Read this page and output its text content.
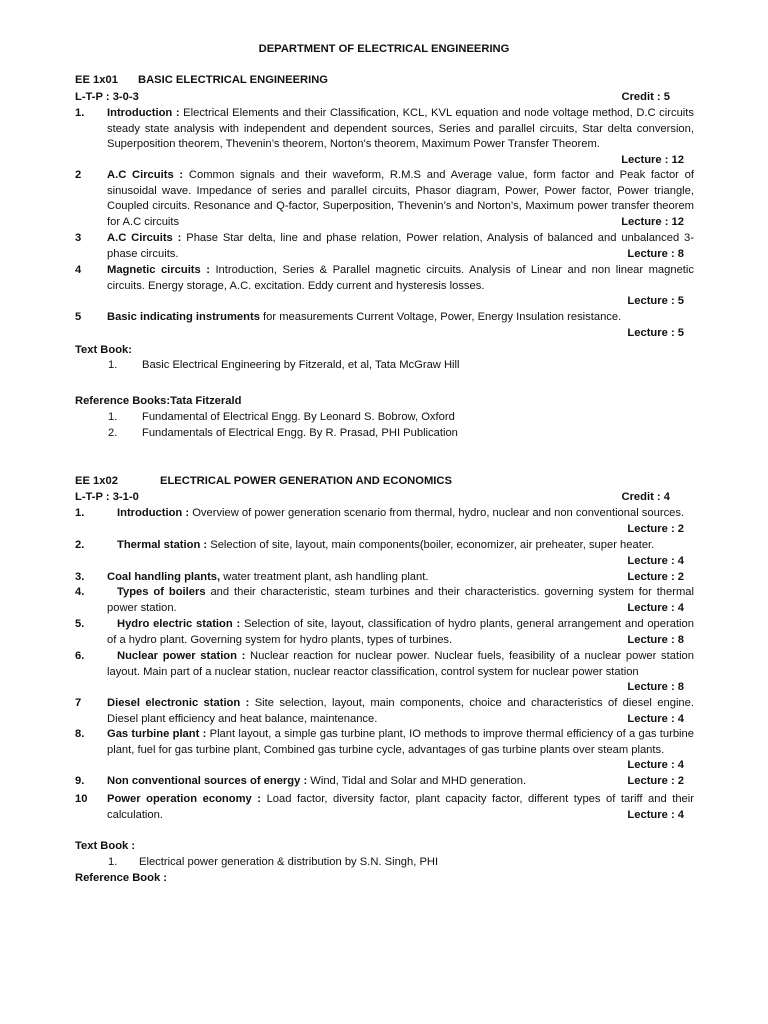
DEPARTMENT OF ELECTRICAL ENGINEERING
EE 1x01 BASIC ELECTRICAL ENGINEERING
L-T-P : 3-0-3	Credit : 5
1. Introduction : Electrical Elements and their Classification, KCL, KVL equation and node voltage method, D.C circuits steady state analysis with independent and dependent sources, Series and parallel circuits, Star delta conversion, Superposition theorem, Thevenin’s theorem, Norton’s theorem, Maximum Power Transfer Theorem.
Lecture : 12
2 A.C Circuits : Common signals and their waveform, R.M.S and Average value, form factor and Peak factor of sinusoidal wave. Impedance of series and parallel circuits, Phasor diagram, Power, Power factor, Power triangle, Coupled circuits. Resonance and Q-factor, Superposition, Thevenin’s and Norton’s, Maximum power transfer theorem for A.C circuits	Lecture : 12
3 A.C Circuits : Phase Star delta, line and phase relation, Power relation, Analysis of balanced and unbalanced 3-phase circuits.	Lecture : 8
4 Magnetic circuits : Introduction, Series & Parallel magnetic circuits. Analysis of Linear and non linear magnetic circuits. Energy storage, A.C. excitation. Eddy current and hysteresis losses.
Lecture : 5
5 Basic indicating instruments for measurements Current Voltage, Power, Energy Insulation resistance.
Lecture : 5
Text Book:
1. Basic Electrical Engineering by Fitzerald, et al, Tata McGraw Hill
Reference Books:Tata Fitzerald
1. Fundamental of Electrical Engg. By Leonard S. Bobrow, Oxford
2. Fundamentals of Electrical Engg. By R. Prasad, PHI Publication
EE 1x02	ELECTRICAL POWER GENERATION AND ECONOMICS
L-T-P : 3-1-0	Credit : 4
1.	Introduction : Overview of power generation scenario from thermal, hydro, nuclear and non conventional sources.
Lecture : 2
2.	Thermal station : Selection of site, layout, main components(boiler, economizer, air preheater, super heater.
Lecture : 4
3. Coal handling plants, water treatment plant, ash handling plant.	Lecture : 2
4.	Types of boilers and their characteristic, steam turbines and their characteristics. governing system for thermal power station.	Lecture : 4
5.	Hydro electric station : Selection of site, layout, classification of hydro plants, general arrangement and operation of a hydro plant. Governing system for hydro plants, types of turbines.	Lecture : 8
6.	Nuclear power station : Nuclear reaction for nuclear power. Nuclear fuels, feasibility of a nuclear power station layout. Main part of a nuclear station, nuclear reactor classification, control system for nuclear power station
Lecture : 8
7 Diesel electronic station : Site selection, layout, main components, choice and characteristics of diesel engine. Diesel plant efficiency and heat balance, maintenance.	Lecture : 4
8. Gas turbine plant : Plant layout, a simple gas turbine plant, IO methods to improve thermal efficiency of a gas turbine plant, fuel for gas turbine plant, Combined gas turbine cycle, advantages of gas turbine plants over steam plants.
Lecture : 4
9. Non conventional sources of energy : Wind, Tidal and Solar and MHD generation.	Lecture : 2
10 Power operation economy : Load factor, diversity factor, plant capacity factor, different types of tariff and their calculation.	Lecture : 4
Text Book :
1. Electrical power generation & distribution by S.N. Singh, PHI
Reference Book :
